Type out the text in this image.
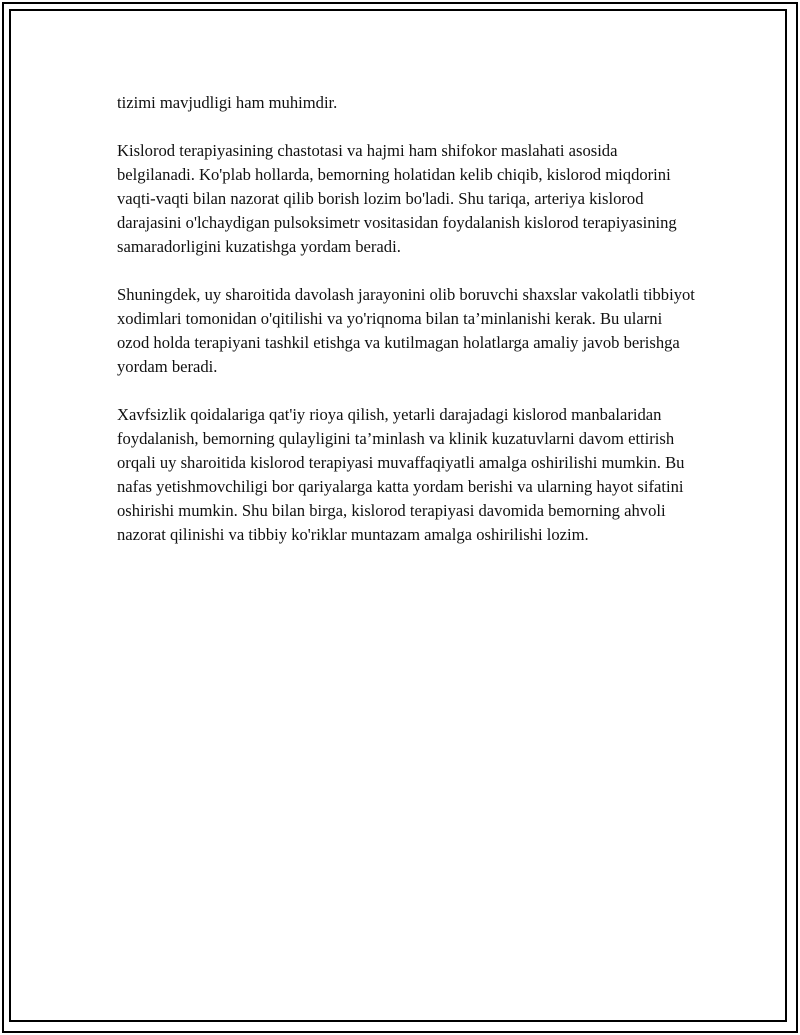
tizimi mavjudligi ham muhimdir.

Kislorod terapiyasining chastotasi va hajmi ham shifokor maslahati asosida belgilanadi. Ko'plab hollarda, bemorning holatidan kelib chiqib, kislorod miqdorini vaqti-vaqti bilan nazorat qilib borish lozim bo'ladi. Shu tariqa, arteriya kislorod darajasini o'lchaydigan pulsoksimetr vositasidan foydalanish kislorod terapiyasining samaradorligini kuzatishga yordam beradi.

Shuningdek, uy sharoitida davolash jarayonini olib boruvchi shaxslar vakolatli tibbiyot xodimlari tomonidan o'qitilishi va yo'riqnoma bilan ta’minlanishi kerak. Bu ularni ozod holda terapiyani tashkil etishga va kutilmagan holatlarga amaliy javob berishga yordam beradi.

Xavfsizlik qoidalariga qat'iy rioya qilish, yetarli darajadagi kislorod manbalaridan foydalanish, bemorning qulayligini ta’minlash va klinik kuzatuvlarni davom ettirish orqali uy sharoitida kislorod terapiyasi muvaffaqiyatli amalga oshirilishi mumkin. Bu nafas yetishmovchiligi bor qariyalarga katta yordam berishi va ularning hayot sifatini oshirishi mumkin. Shu bilan birga, kislorod terapiyasi davomida bemorning ahvoli nazorat qilinishi va tibbiy ko'riklar muntazam amalga oshirilishi lozim.
